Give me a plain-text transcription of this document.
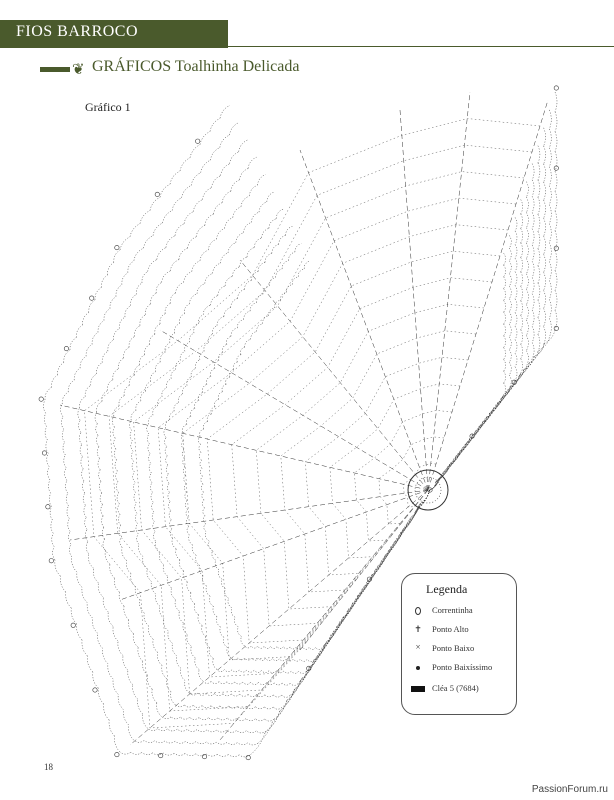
FIOS BARROCO
❦ GRÁFICOS Toalhinha Delicada
Gráfico 1
Legenda
Correntinha
✝	Ponto Alto
×	Ponto Baixo
Ponto Baixíssimo
Cléa 5 (7684)
18
PassionForum.ru
